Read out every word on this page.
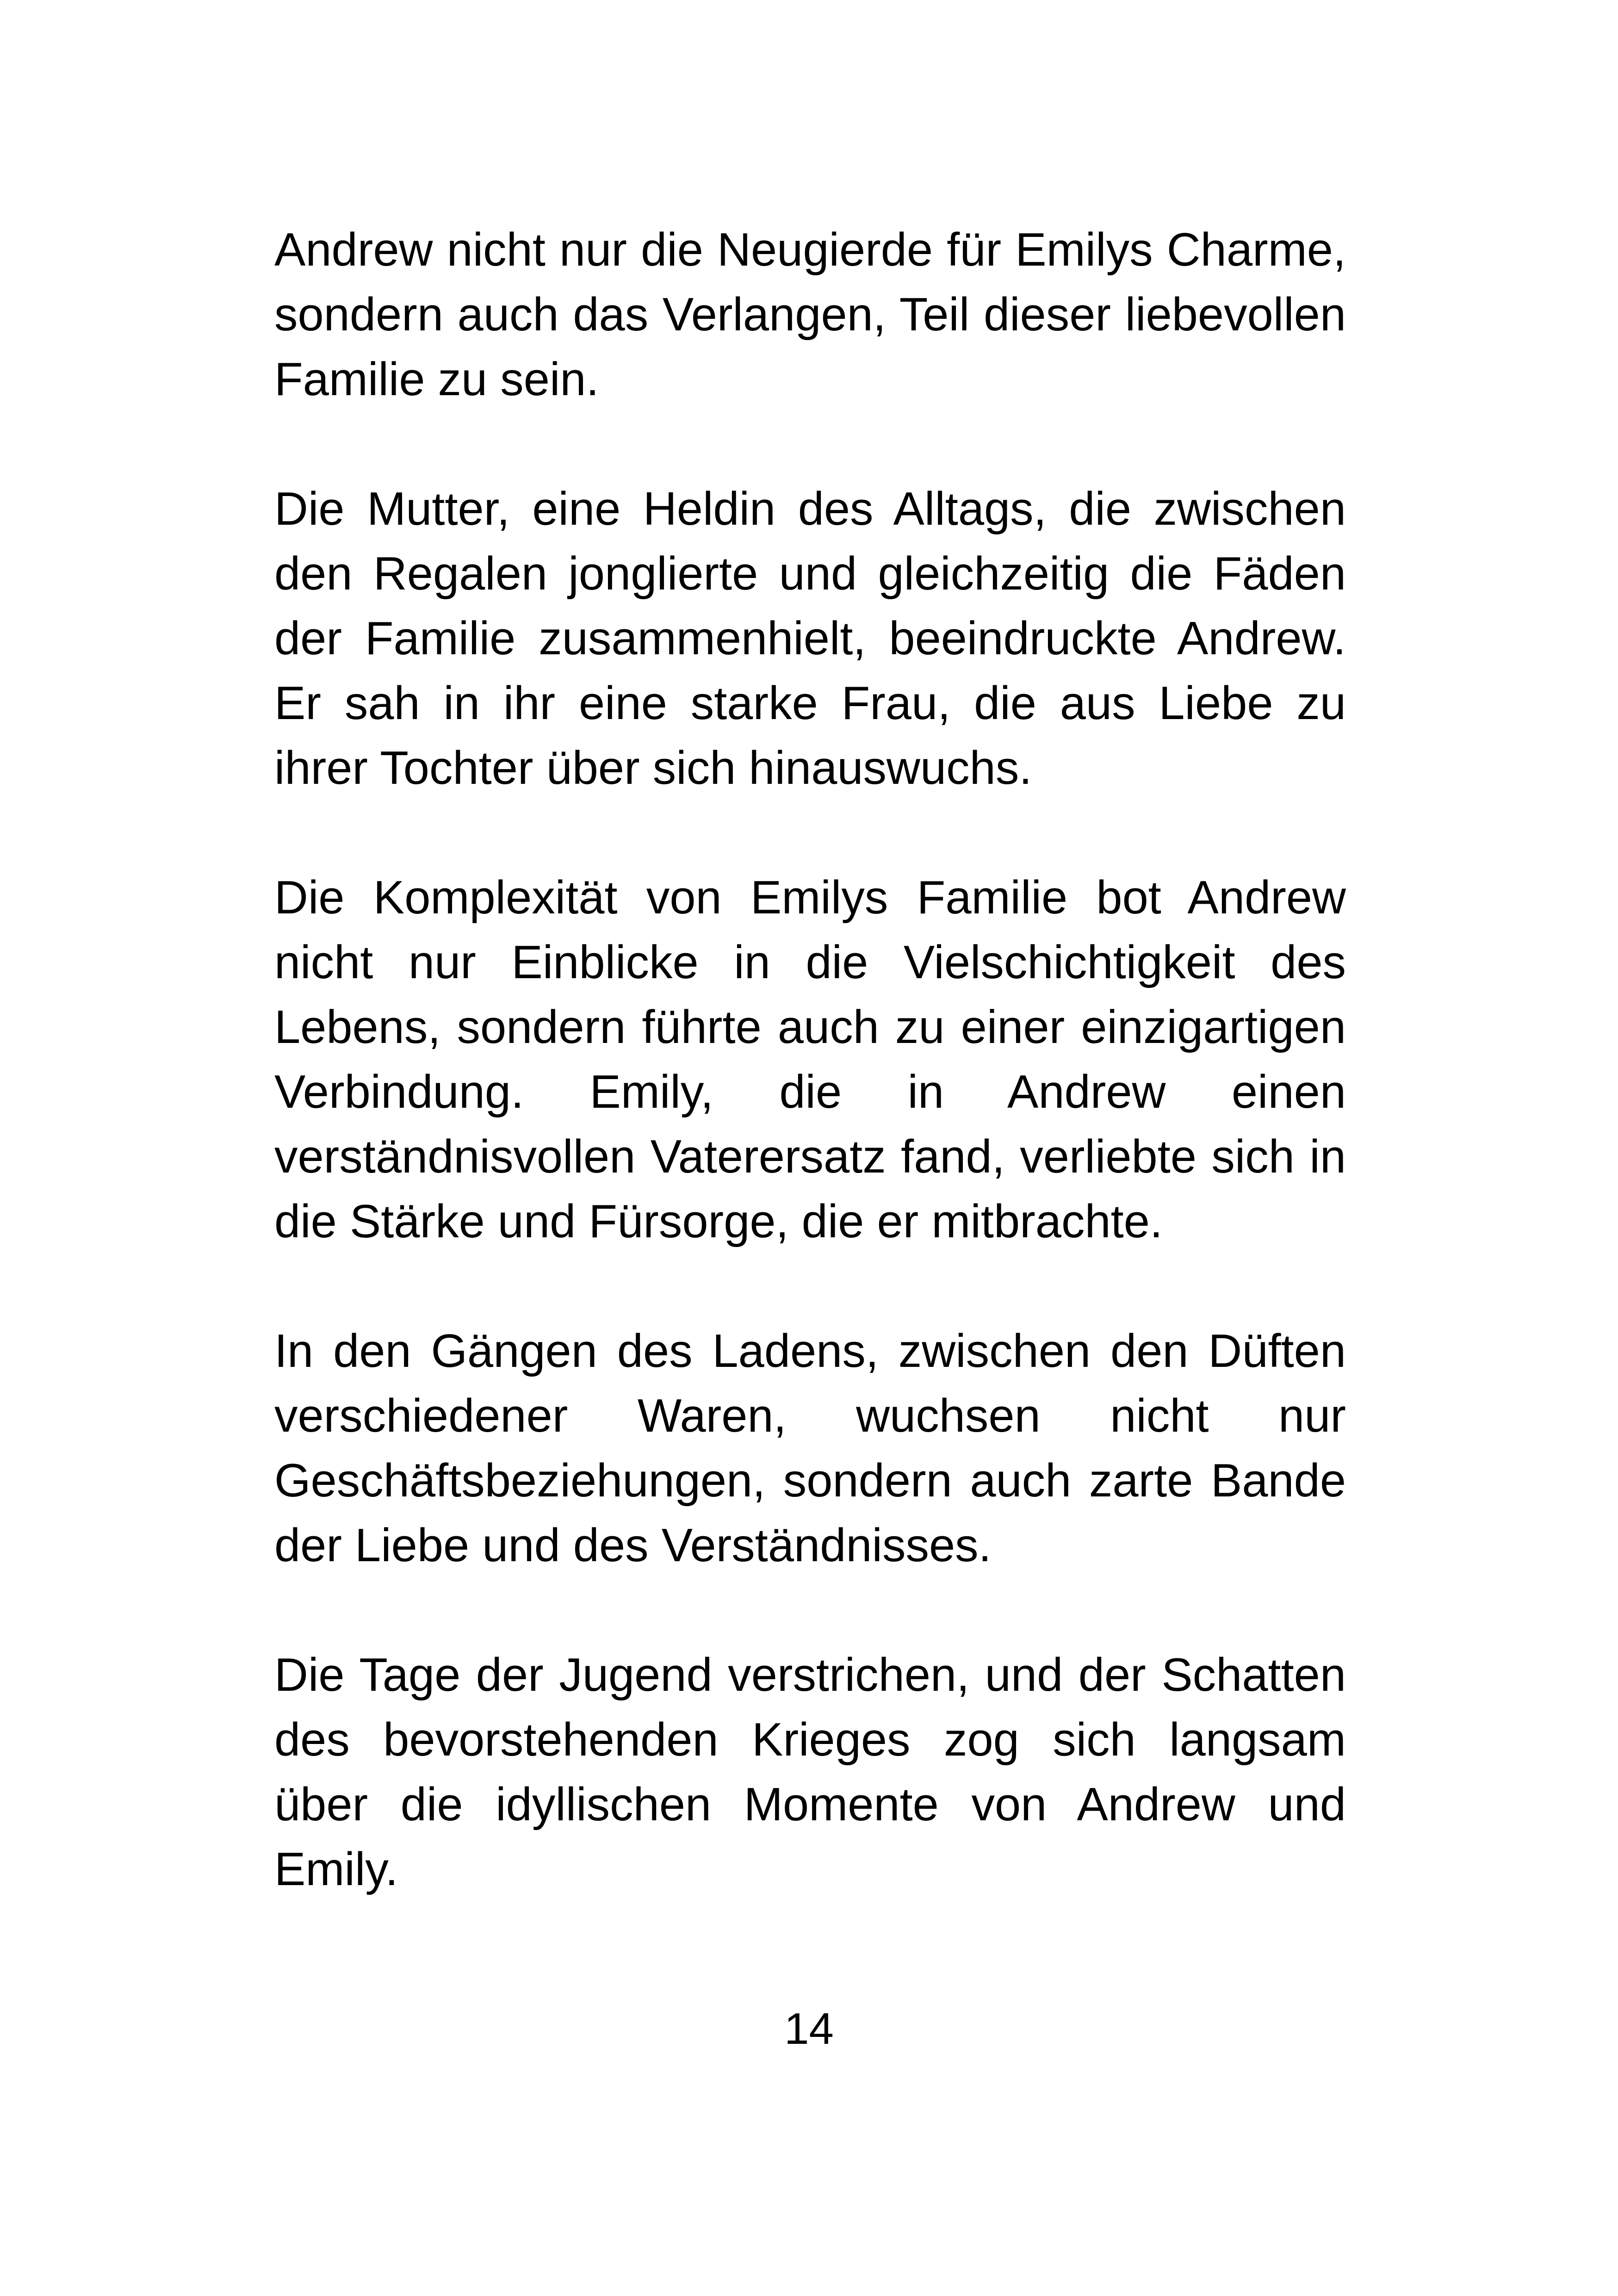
Andrew nicht nur die Neugierde für Emilys Charme, sondern auch das Verlangen, Teil dieser liebevollen Familie zu sein.

Die Mutter, eine Heldin des Alltags, die zwischen den Regalen jonglierte und gleichzeitig die Fäden der Familie zusammenhielt, beeindruckte Andrew. Er sah in ihr eine starke Frau, die aus Liebe zu ihrer Tochter über sich hinauswuchs.

Die Komplexität von Emilys Familie bot Andrew nicht nur Einblicke in die Vielschichtigkeit des Lebens, sondern führte auch zu einer einzigartigen Verbindung. Emily, die in Andrew einen verständnisvollen Vaterersatz fand, verliebte sich in die Stärke und Fürsorge, die er mitbrachte.

In den Gängen des Ladens, zwischen den Düften verschiedener Waren, wuchsen nicht nur Geschäftsbeziehungen, sondern auch zarte Bande der Liebe und des Verständnisses.

Die Tage der Jugend verstrichen, und der Schatten des bevorstehenden Krieges zog sich langsam über die idyllischen Momente von Andrew und Emily.

14
